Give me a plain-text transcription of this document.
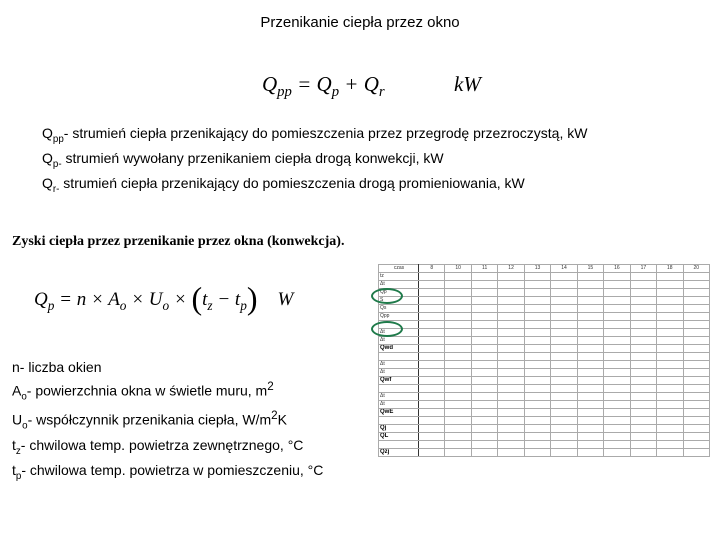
Przenikanie ciepła przez okno
$Q_{pp} = Q_p + Q_r$	kW
$Q_{pp}-$ strumień ciepła przenikający do pomieszczenia przez przegrodę przezroczystą, kW
$Q_{p-}$ strumień wywołany przenikaniem ciepła drogą konwekcji, kW
$Q_{r-}$ strumień ciepła przenikający do pomieszczenia drogą promieniowania, kW
Zyski ciepła przez przenikanie przez okna (konwekcja).
$Q_p = n \times A_o \times U_o \times (t_z - t_p)$ W
n- liczba okien
$A_o-$ powierzchnia okna w świetle muru, $m^2$
$U_o-$ współczynnik przenikania ciepła, $W/m^2K$
$t_z-$ chwilowa temp. powietrza zewnętrznego, °C
$t_p-$ chwilowa temp. powietrza w pomieszczeniu, °C
czas	8	10	11	12	13	14	15	16	17	18	20
tz											
Δt											
Qp											
S											
Qs											
Qpp											

Δt											
Δt											
Qwd											

Δt											
Δt											
Qwf											

Δt											
Δt											
QwE											

Qj											
QL											

Qzj											
